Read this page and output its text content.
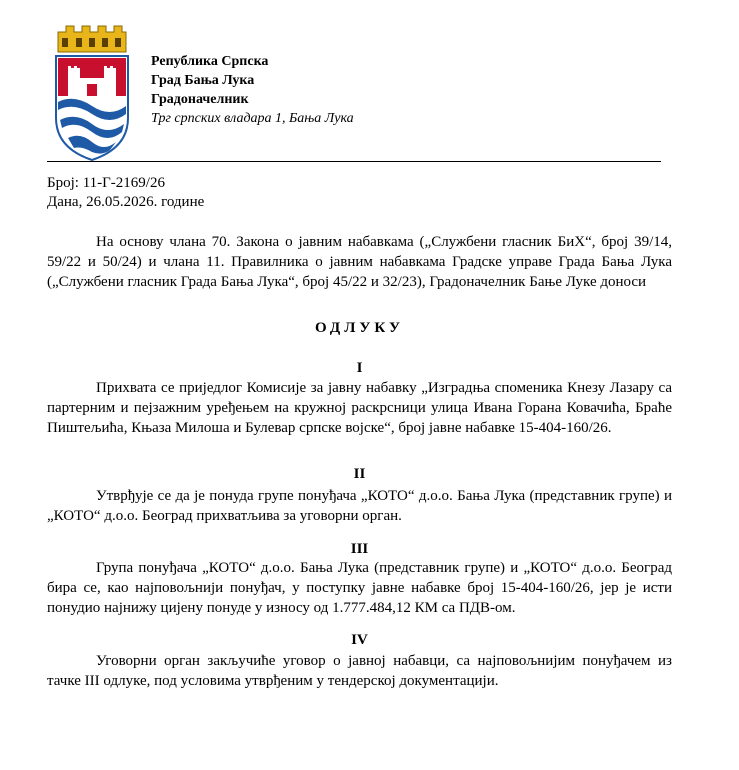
Република Српска
Град Бања Лука
Градоначелник
Трг српских владара 1, Бања Лука
Број: 11-Г-2169/26
Дана, 26.05.2026. године

На основу члана 70. Закона о јавним набавкама („Службени гласник БиХ“, број 39/14, 59/22 и 50/24) и члана 11. Правилника о јавним набавкама Градске управе Града Бања Лука („Службени гласник Града Бања Лука“, број 45/22 и 32/23), Градоначелник Бање Луке доноси

ОДЛУКУ
I

Прихвата се приједлог Комисије за јавну набавку „Изградња споменика Кнезу Лазару са партерним и пејзажним уређењем на кружној раскрсници улица Ивана Горана Ковачића, Браће Пиштељића, Књаза Милоша и Булевар српске војске“, број јавне набавке 15-404-160/26.

II

Утврђује се да је понуда групе понуђача „КОТО“ д.о.о. Бања Лука (представник групе) и „КОТО“ д.о.о. Београд прихватљива за уговорни орган.

III

Група понуђача „КОТО“ д.о.о. Бања Лука (представник групе) и „КОТО“ д.о.о. Београд бира се, као најповољнији понуђач, у поступку јавне набавке број 15-404-160/26, јер је исти понудио најнижу цијену понуде у износу од 1.777.484,12 КМ са ПДВ-ом.

IV

Уговорни орган закључиће уговор о јавној набавци, са најповољнијим понуђачем из тачке III одлуке, под условима утврђеним у тендерској документацији.
